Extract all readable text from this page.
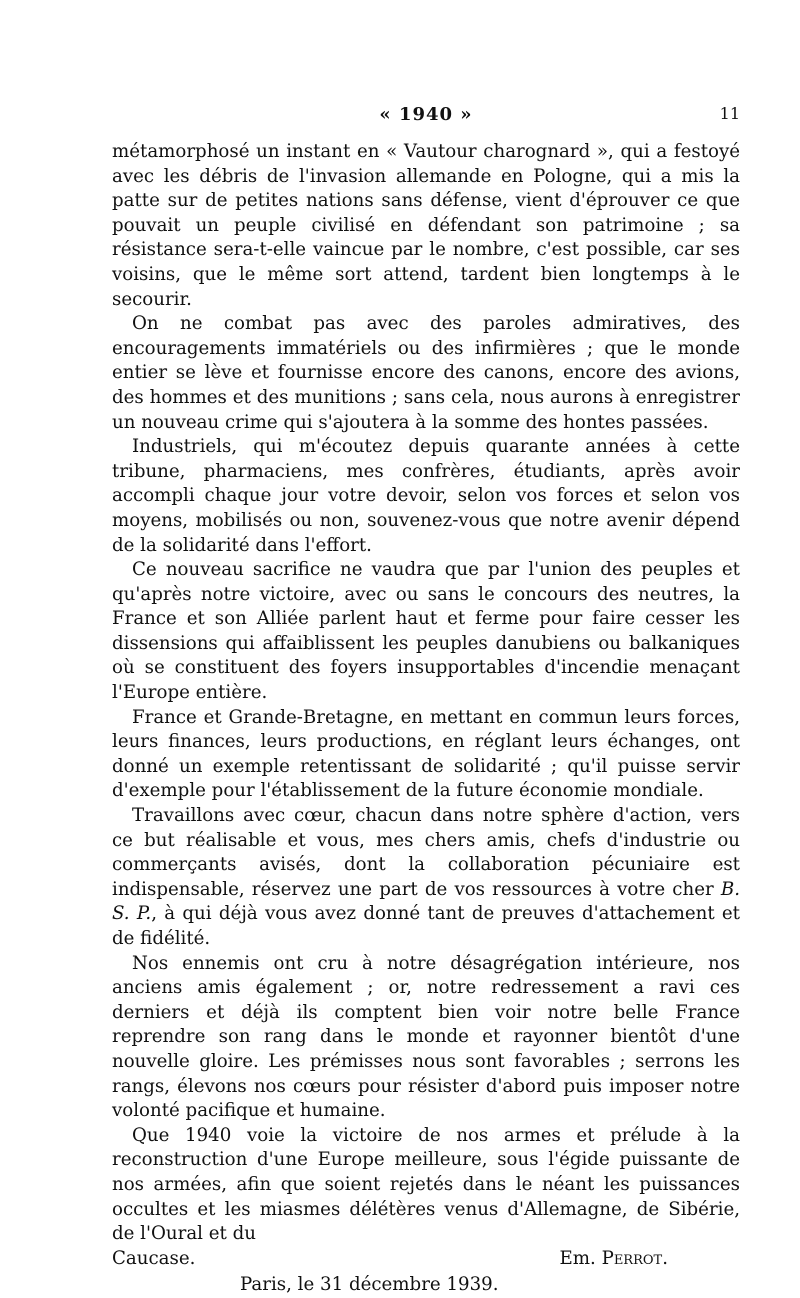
« 1940 »	11

métamorphosé un instant en « Vautour charognard », qui a festoyé avec les débris de l'invasion allemande en Pologne, qui a mis la patte sur de petites nations sans défense, vient d'éprouver ce que pouvait un peuple civilisé en défendant son patrimoine ; sa résistance sera-t-elle vaincue par le nombre, c'est possible, car ses voisins, que le même sort attend, tardent bien longtemps à le secourir.

On ne combat pas avec des paroles admiratives, des encouragements immatériels ou des infirmières ; que le monde entier se lève et fournisse encore des canons, encore des avions, des hommes et des munitions ; sans cela, nous aurons à enregistrer un nouveau crime qui s'ajoutera à la somme des hontes passées.

Industriels, qui m'écoutez depuis quarante années à cette tribune, pharmaciens, mes confrères, étudiants, après avoir accompli chaque jour votre devoir, selon vos forces et selon vos moyens, mobilisés ou non, souvenez-vous que notre avenir dépend de la solidarité dans l'effort.

Ce nouveau sacrifice ne vaudra que par l'union des peuples et qu'après notre victoire, avec ou sans le concours des neutres, la France et son Alliée parlent haut et ferme pour faire cesser les dissensions qui affaiblissent les peuples danubiens ou balkaniques où se constituent des foyers insupportables d'incendie menaçant l'Europe entière.

France et Grande-Bretagne, en mettant en commun leurs forces, leurs finances, leurs productions, en réglant leurs échanges, ont donné un exemple retentissant de solidarité ; qu'il puisse servir d'exemple pour l'établissement de la future économie mondiale.

Travaillons avec cœur, chacun dans notre sphère d'action, vers ce but réalisable et vous, mes chers amis, chefs d'industrie ou commerçants avisés, dont la collaboration pécuniaire est indispensable, réservez une part de vos ressources à votre cher B. S. P., à qui déjà vous avez donné tant de preuves d'attachement et de fidélité.

Nos ennemis ont cru à notre désagrégation intérieure, nos anciens amis également ; or, notre redressement a ravi ces derniers et déjà ils comptent bien voir notre belle France reprendre son rang dans le monde et rayonner bientôt d'une nouvelle gloire. Les prémisses nous sont favorables ; serrons les rangs, élevons nos cœurs pour résister d'abord puis imposer notre volonté pacifique et humaine.

Que 1940 voie la victoire de nos armes et prélude à la reconstruction d'une Europe meilleure, sous l'égide puissante de nos armées, afin que soient rejetés dans le néant les puissances occultes et les miasmes délétères venus d'Allemagne, de Sibérie, de l'Oural et du

Caucase.	Em. Perrot.
Paris, le 31 décembre 1939.
